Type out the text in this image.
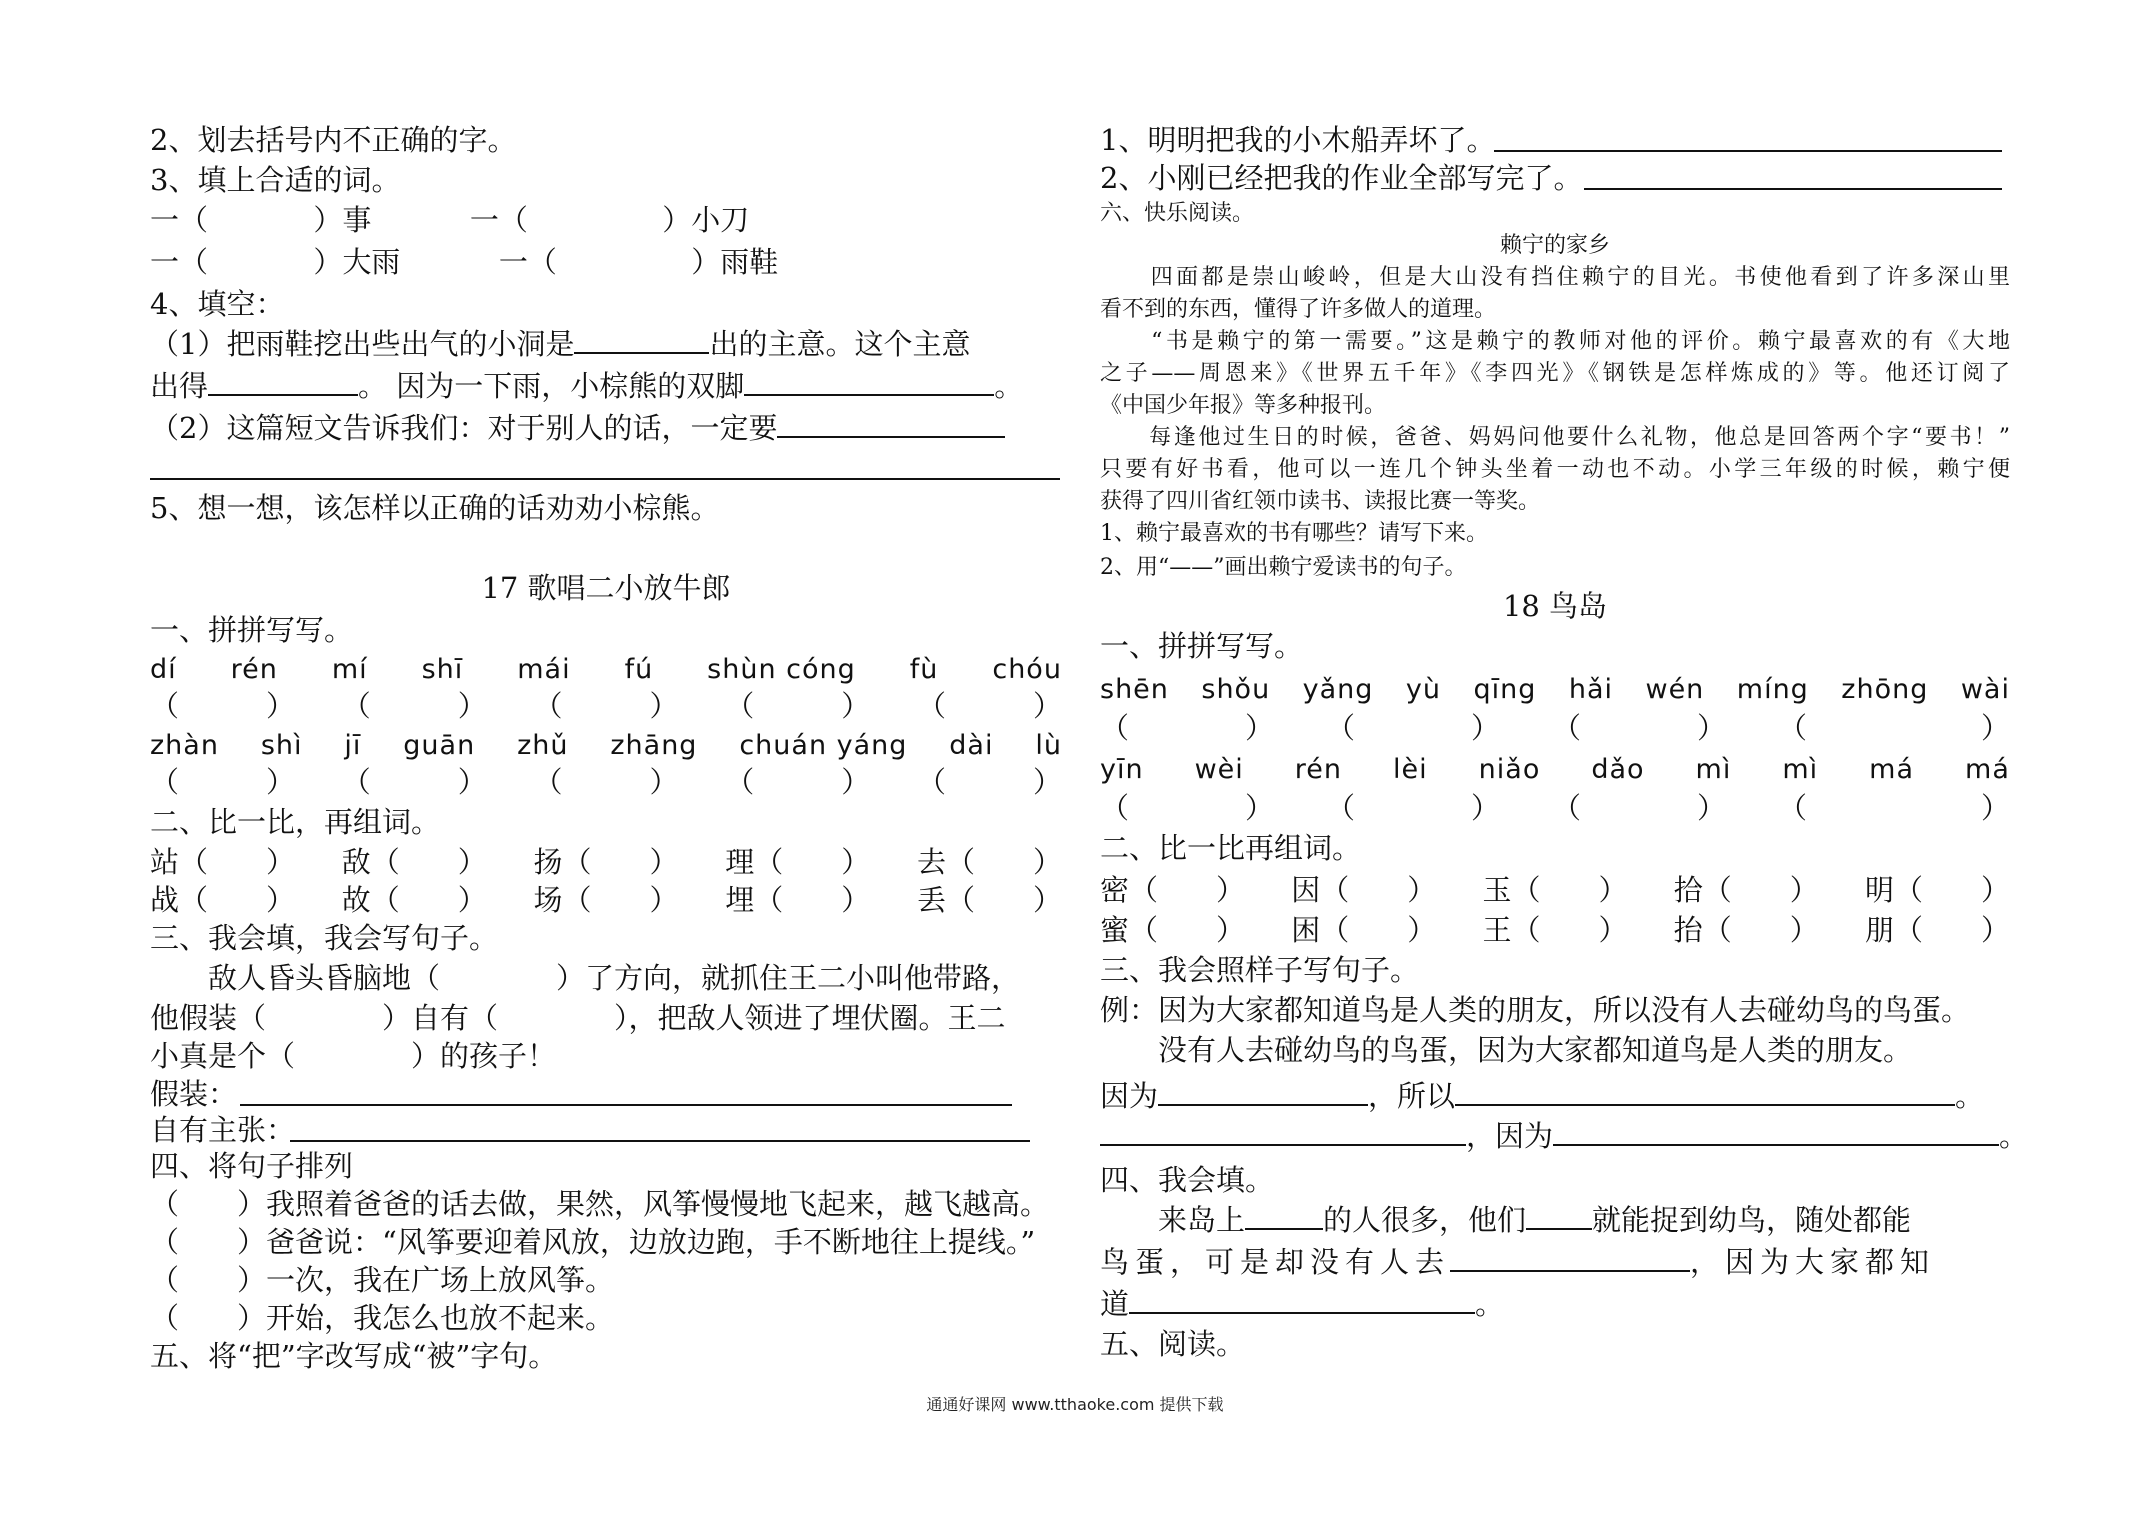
2、划去括号内不正确的字。
3、填上合适的词。
一（ 　　　 ）事	一（ 　　　　 ）小刀
一（ 　　　 ）大雨	一（ 　　　　 ）雨鞋
4、填空：
（1）把雨鞋挖出些出气的小洞是	出的主意。这个主意
出得	。 因为一下雨，小棕熊的双脚	。
（2）这篇短文告诉我们：对于别人的话，一定要
5、想一想，该怎样以正确的话劝劝小棕熊。
17 歌唱二小放牛郎
一、拼拼写写。
dí rén mí shī mái fú shùn cóng fù chóu
（　　　） （　　　） （　　　） （　　　） （　　　）
zhàn shì jī guān zhǔ zhāng chuán yáng dài lù
（　　　） （　　　） （　　　） （　　　） （　　　）
二、比一比，再组词。
站（　　） 敌（　　） 扬（　　） 理（　　） 去（　　）
战（　　） 故（　　） 场（　　） 埋（　　） 丢（　　）
三、我会填，我会写句子。
　　敌人昏头昏脑地（　　　　）了方向，就抓住王二小叫他带路，
他假装（　　　　）自有（　　　　），把敌人领进了埋伏圈。王二
小真是个（　　　　）的孩子！
假装：
自有主张：
四、将句子排列
（　　）我照着爸爸的话去做，果然，风筝慢慢地飞起来，越飞越高。
（　　）爸爸说：“风筝要迎着风放，边放边跑，手不断地往上提线。”
（　　）一次，我在广场上放风筝。
（　　）开始，我怎么也放不起来。
五、将“把”字改写成“被”字句。
1、明明把我的小木船弄坏了。
2、小刚已经把我的作业全部写完了。
六、快乐阅读。
赖宁的家乡
　　四面都是崇山峻岭，但是大山没有挡住赖宁的目光。书使他看到了许多深山里
看不到的东西，懂得了许多做人的道理。
　　“书是赖宁的第一需要。”这是赖宁的教师对他的评价。赖宁最喜欢的有《大地
之子——周恩来》《世界五千年》《李四光》《钢铁是怎样炼成的》等。他还订阅了
《中国少年报》等多种报刊。
　　每逢他过生日的时候，爸爸、妈妈问他要什么礼物，他总是回答两个字“要书！”
只要有好书看，他可以一连几个钟头坐着一动也不动。小学三年级的时候，赖宁便
获得了四川省红领巾读书、读报比赛一等奖。
1、赖宁最喜欢的书有哪些？请写下来。
2、用“——”画出赖宁爱读书的句子。
18 鸟岛
一、拼拼写写。
shēn shǒu yǎng yù qīng hǎi wén míng zhōng wài
（　　　　） （　　　　） （　　　　） （　　　　　　）
yīn wèi rén lèi niǎo dǎo mì mì má má
（　　　　） （　　　　） （　　　　） （　　　　　　）
二、比一比再组词。
密（　　） 因（　　） 玉（　　） 拾（　　） 明（　　）
蜜（　　） 困（　　） 王（　　） 抬（　　） 朋（　　）
三、我会照样子写句子。
例：因为大家都知道鸟是人类的朋友，所以没有人去碰幼鸟的鸟蛋。
　　没有人去碰幼鸟的鸟蛋，因为大家都知道鸟是人类的朋友。
因为	，所以	。
，因为	。
四、我会填。
　　来岛上	的人很多，他们 就能捉到幼鸟，随处都能
鸟蛋，可是却没有人去	，因为大家都知
道	。
五、阅读。
通通好课网 www.tthaoke.com 提供下载
